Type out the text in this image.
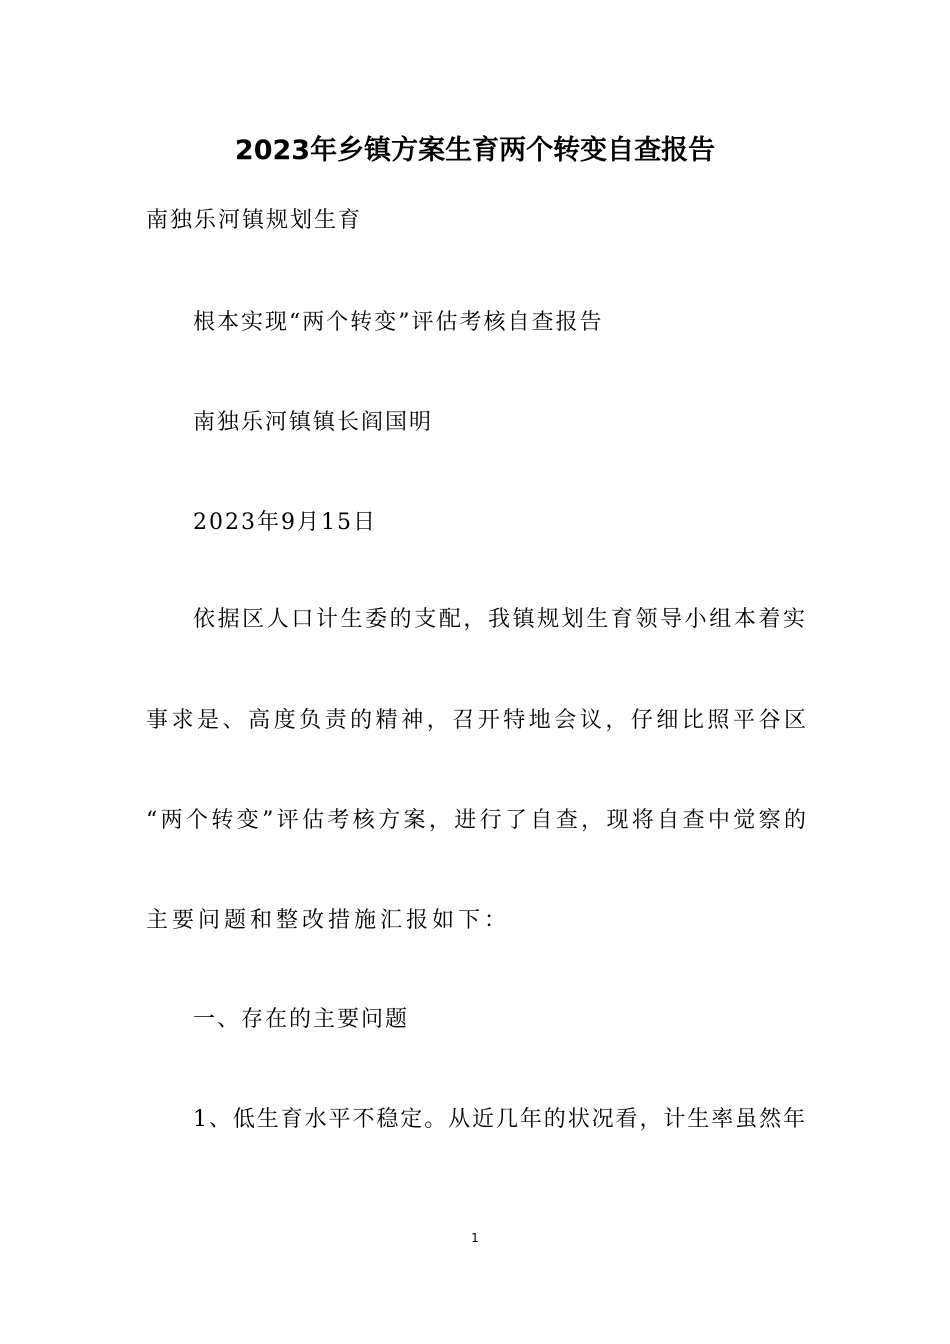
2023年乡镇方案生育两个转变自查报告
南独乐河镇规划生育
根本实现“两个转变”评估考核自查报告
南独乐河镇镇长阎国明
2023年9月15日
依据区人口计生委的支配，我镇规划生育领导小组本着实
事求是、高度负责的精神，召开特地会议，仔细比照平谷区
“两个转变”评估考核方案，进行了自查，现将自查中觉察的
主要问题和整改措施汇报如下：
一、存在的主要问题
1、低生育水平不稳定。从近几年的状况看，计生率虽然年
1
